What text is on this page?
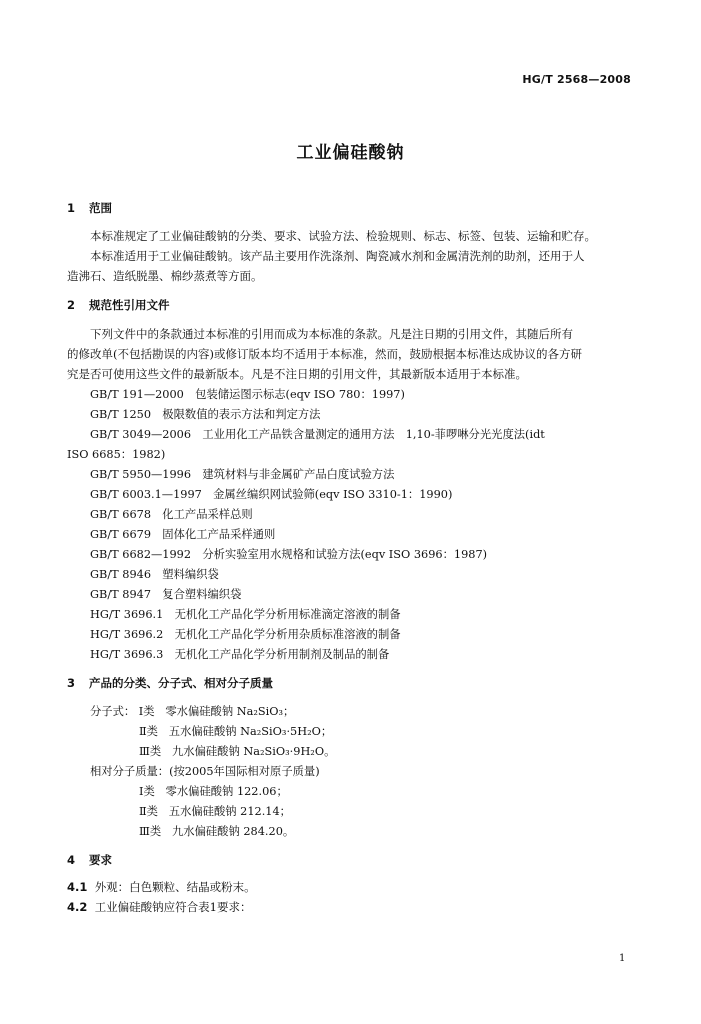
HG/T 2568—2008
工业偏硅酸钠
1 范围
本标准规定了工业偏硅酸钠的分类、要求、试验方法、检验规则、标志、标签、包装、运输和贮存。
本标准适用于工业偏硅酸钠。该产品主要用作洗涤剂、陶瓷减水剂和金属清洗剂的助剂，还用于人
造沸石、造纸脱墨、棉纱蒸煮等方面。
2 规范性引用文件
下列文件中的条款通过本标准的引用而成为本标准的条款。凡是注日期的引用文件，其随后所有
的修改单(不包括勘误的内容)或修订版本均不适用于本标准，然而，鼓励根据本标准达成协议的各方研
究是否可使用这些文件的最新版本。凡是不注日期的引用文件，其最新版本适用于本标准。
GB/T 191—2000　包装储运图示标志(eqv ISO 780：1997)
GB/T 1250　极限数值的表示方法和判定方法
GB/T 3049—2006　工业用化工产品铁含量测定的通用方法　1,10-菲啰啉分光光度法(idt
ISO 6685：1982)
GB/T 5950—1996　建筑材料与非金属矿产品白度试验方法
GB/T 6003.1—1997　金属丝编织网试验筛(eqv ISO 3310-1：1990)
GB/T 6678　化工产品采样总则
GB/T 6679　固体化工产品采样通则
GB/T 6682—1992　分析实验室用水规格和试验方法(eqv ISO 3696：1987)
GB/T 8946　塑料编织袋
GB/T 8947　复合塑料编织袋
HG/T 3696.1　无机化工产品化学分析用标准滴定溶液的制备
HG/T 3696.2　无机化工产品化学分析用杂质标准溶液的制备
HG/T 3696.3　无机化工产品化学分析用制剂及制品的制备
3 产品的分类、分子式、相对分子质量
分子式： Ⅰ类 零水偏硅酸钠 Na₂SiO₃；
Ⅱ类 五水偏硅酸钠 Na₂SiO₃·5H₂O；
Ⅲ类 九水偏硅酸钠 Na₂SiO₃·9H₂O。
相对分子质量：(按2005年国际相对原子质量)
Ⅰ类 零水偏硅酸钠 122.06；
Ⅱ类 五水偏硅酸钠 212.14；
Ⅲ类 九水偏硅酸钠 284.20。
4 要求
4.1 外观：白色颗粒、结晶或粉末。
4.2 工业偏硅酸钠应符合表1要求：
1
